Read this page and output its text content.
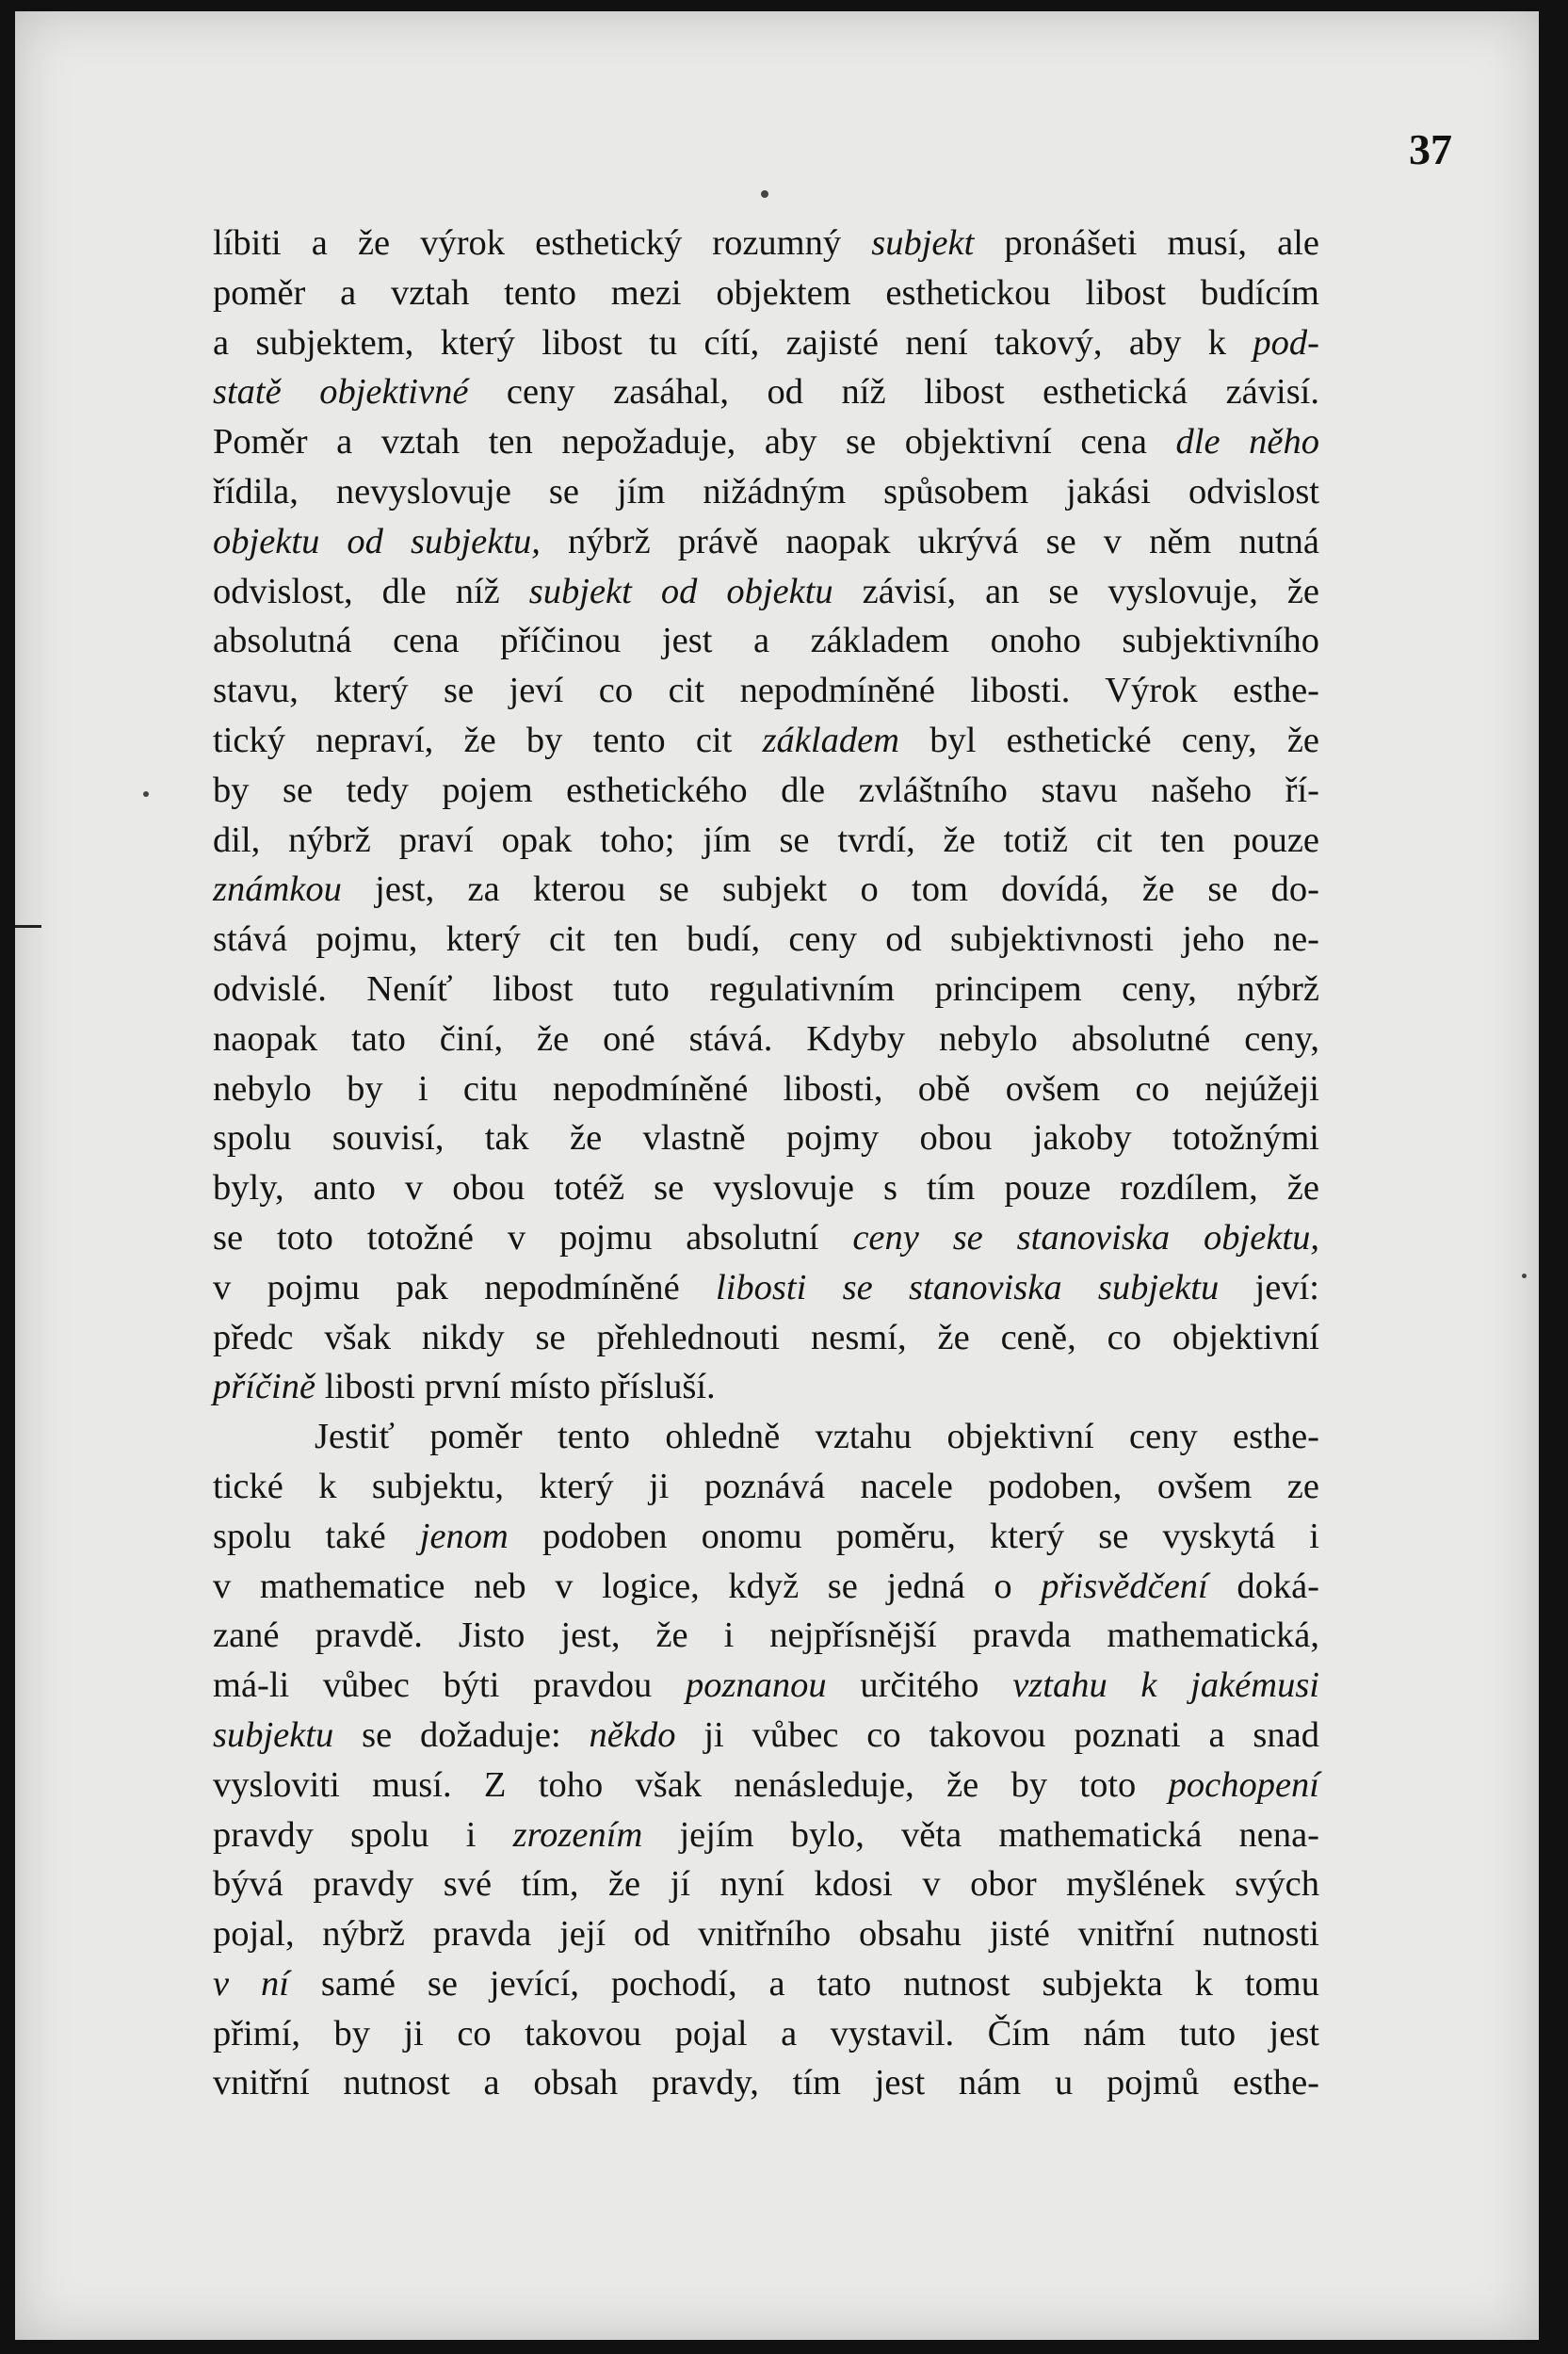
37
líbiti a že výrok esthetický rozumný subjekt pronášeti musí, ale
poměr a vztah tento mezi objektem esthetickou libost budícím
a subjektem, který libost tu cítí, zajisté není takový, aby k pod-
statě objektivné ceny zasáhal, od níž libost esthetická závisí.
Poměr a vztah ten nepožaduje, aby se objektivní cena dle něho
řídila, nevyslovuje se jím nižádným spůsobem jakási odvislost
objektu od subjektu, nýbrž právě naopak ukrývá se v něm nutná
odvislost, dle níž subjekt od objektu závisí, an se vyslovuje, že
absolutná cena příčinou jest a základem onoho subjektivního
stavu, který se jeví co cit nepodmíněné libosti. Výrok esthe-
tický nepraví, že by tento cit základem byl esthetické ceny, že
by se tedy pojem esthetického dle zvláštního stavu našeho ří-
dil, nýbrž praví opak toho; jím se tvrdí, že totiž cit ten pouze
známkou jest, za kterou se subjekt o tom dovídá, že se do-
stává pojmu, který cit ten budí, ceny od subjektivnosti jeho ne-
odvislé. Neníť libost tuto regulativním principem ceny, nýbrž
naopak tato činí, že oné stává. Kdyby nebylo absolutné ceny,
nebylo by i citu nepodmíněné libosti, obě ovšem co nejúžeji
spolu souvisí, tak že vlastně pojmy obou jakoby totožnými
byly, anto v obou totéž se vyslovuje s tím pouze rozdílem, že
se toto totožné v pojmu absolutní ceny se stanoviska objektu,
v pojmu pak nepodmíněné libosti se stanoviska subjektu jeví:
předc však nikdy se přehlednouti nesmí, že ceně, co objektivní
příčině libosti první místo přísluší.
Jestiť poměr tento ohledně vztahu objektivní ceny esthe-
tické k subjektu, který ji poznává nacele podoben, ovšem ze
spolu také jenom podoben onomu poměru, který se vyskytá i
v mathematice neb v logice, když se jedná o přisvědčení doká-
zané pravdě. Jisto jest, že i nejpřísnější pravda mathematická,
má-li vůbec býti pravdou poznanou určitého vztahu k jakémusi
subjektu se dožaduje: někdo ji vůbec co takovou poznati a snad
vysloviti musí. Z toho však nenásleduje, že by toto pochopení
pravdy spolu i zrozením jejím bylo, věta mathematická nena-
bývá pravdy své tím, že jí nyní kdosi v obor myšlének svých
pojal, nýbrž pravda její od vnitřního obsahu jisté vnitřní nutnosti
v ní samé se jevící, pochodí, a tato nutnost subjekta k tomu
přimí, by ji co takovou pojal a vystavil. Čím nám tuto jest
vnitřní nutnost a obsah pravdy, tím jest nám u pojmů esthe-
